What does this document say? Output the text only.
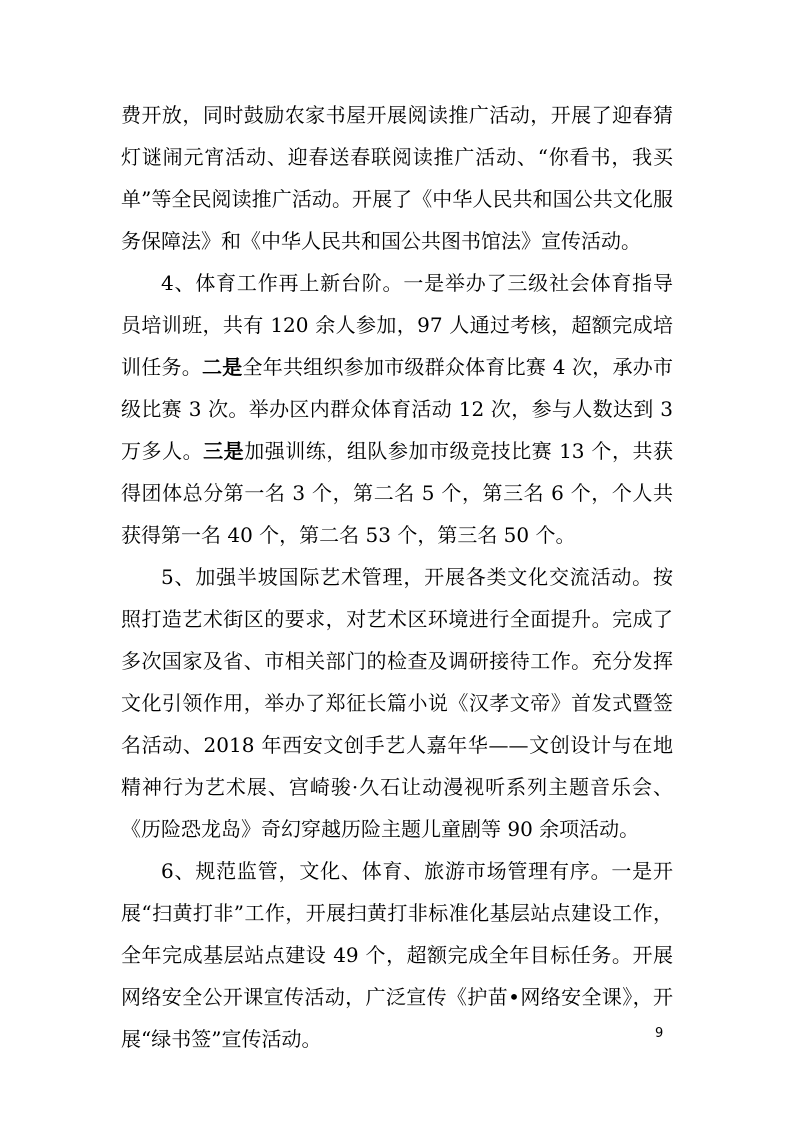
费开放，同时鼓励农家书屋开展阅读推广活动，开展了迎春猜灯谜闹元宵活动、迎春送春联阅读推广活动、“你看书，我买单”等全民阅读推广活动。开展了《中华人民共和国公共文化服务保障法》和《中华人民共和国公共图书馆法》宣传活动。

4、体育工作再上新台阶。一是举办了三级社会体育指导员培训班，共有 120 余人参加，97 人通过考核，超额完成培训任务。二是全年共组织参加市级群众体育比赛 4 次，承办市级比赛 3 次。举办区内群众体育活动 12 次，参与人数达到 3 万多人。三是加强训练，组队参加市级竞技比赛 13 个，共获得团体总分第一名 3 个，第二名 5 个，第三名 6 个，个人共获得第一名 40 个，第二名 53 个，第三名 50 个。

5、加强半坡国际艺术管理，开展各类文化交流活动。按照打造艺术街区的要求，对艺术区环境进行全面提升。完成了多次国家及省、市相关部门的检查及调研接待工作。充分发挥文化引领作用，举办了郑征长篇小说《汉孝文帝》首发式暨签名活动、2018 年西安文创手艺人嘉年华——文创设计与在地精神行为艺术展、宫崎骏·久石让动漫视听系列主题音乐会、《历险恐龙岛》奇幻穿越历险主题儿童剧等 90 余项活动。

6、规范监管，文化、体育、旅游市场管理有序。一是开展“扫黄打非”工作，开展扫黄打非标准化基层站点建设工作，全年完成基层站点建设 49 个，超额完成全年目标任务。开展网络安全公开课宣传活动，广泛宣传《护苗•网络安全课》，开展“绿书签”宣传活动。	9
